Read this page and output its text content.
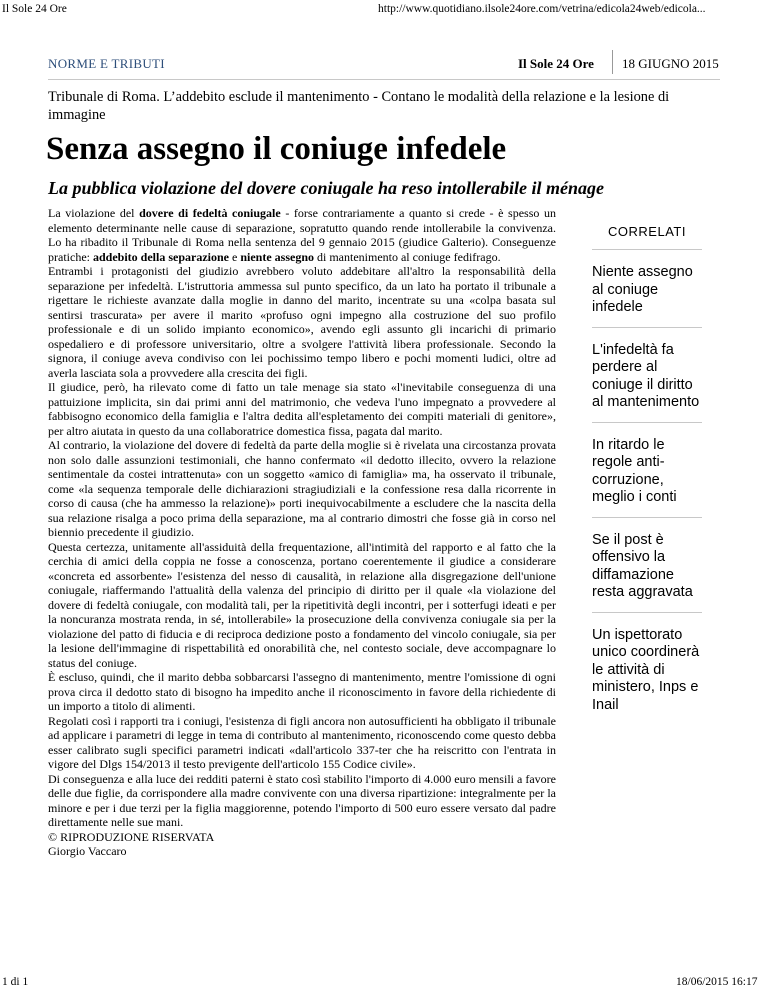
Il Sole 24 Ore	http://www.quotidiano.ilsole24ore.com/vetrina/edicola24web/edicola...
NORME E TRIBUTI	Il Sole 24 Ore 18 GIUGNO 2015
Tribunale di Roma. L’addebito esclude il mantenimento - Contano le modalità della relazione e la lesione di immagine
Senza assegno il coniuge infedele
La pubblica violazione del dovere coniugale ha reso intollerabile il ménage

La violazione del dovere di fedeltà coniugale - forse contrariamente a quanto si crede - è spesso un elemento determinante nelle cause di separazione, sopratutto quando rende intollerabile la convivenza. Lo ha ribadito il Tribunale di Roma nella sentenza del 9 gennaio 2015 (giudice Galterio). Conseguenze pratiche: addebito della separazione e niente assegno di mantenimento al coniuge fedifrago.

Entrambi i protagonisti del giudizio avrebbero voluto addebitare all'altro la responsabilità della separazione per infedeltà. L'istruttoria ammessa sul punto specifico, da un lato ha portato il tribunale a rigettare le richieste avanzate dalla moglie in danno del marito, incentrate su una «colpa basata sul sentirsi trascurata» per avere il marito «profuso ogni impegno alla costruzione del suo profilo professionale e di un solido impianto economico», avendo egli assunto gli incarichi di primario ospedaliero e di professore universitario, oltre a svolgere l'attività libera professionale. Secondo la signora, il coniuge aveva condiviso con lei pochissimo tempo libero e pochi momenti ludici, oltre ad averla lasciata sola a provvedere alla crescita dei figli.

Il giudice, però, ha rilevato come di fatto un tale menage sia stato «l'inevitabile conseguenza di una pattuizione implicita, sin dai primi anni del matrimonio, che vedeva l'uno impegnato a provvedere al fabbisogno economico della famiglia e l'altra dedita all'espletamento dei compiti materiali di genitore», per altro aiutata in questo da una collaboratrice domestica fissa, pagata dal marito.

Al contrario, la violazione del dovere di fedeltà da parte della moglie si è rivelata una circostanza provata non solo dalle assunzioni testimoniali, che hanno confermato «il dedotto illecito, ovvero la relazione sentimentale da costei intrattenuta» con un soggetto «amico di famiglia» ma, ha osservato il tribunale, come «la sequenza temporale delle dichiarazioni stragiudiziali e la confessione resa dalla ricorrente in corso di causa (che ha ammesso la relazione)» porti inequivocabilmente a escludere che la nascita della sua relazione risalga a poco prima della separazione, ma al contrario dimostri che fosse già in corso nel biennio precedente il giudizio.

Questa certezza, unitamente all'assiduità della frequentazione, all'intimità del rapporto e al fatto che la cerchia di amici della coppia ne fosse a conoscenza, portano coerentemente il giudice a considerare «concreta ed assorbente» l'esistenza del nesso di causalità, in relazione alla disgregazione dell'unione coniugale, riaffermando l'attualità della valenza del principio di diritto per il quale «la violazione del dovere di fedeltà coniugale, con modalità tali, per la ripetitività degli incontri, per i sotterfugi ideati e per la noncuranza mostrata renda, in sé, intollerabile» la prosecuzione della convivenza coniugale sia per la violazione del patto di fiducia e di reciproca dedizione posto a fondamento del vincolo coniugale, sia per la lesione dell'immagine di rispettabilità ed onorabilità che, nel contesto sociale, deve accompagnare lo status del coniuge.

È escluso, quindi, che il marito debba sobbarcarsi l'assegno di mantenimento, mentre l'omissione di ogni prova circa il dedotto stato di bisogno ha impedito anche il riconoscimento in favore della richiedente di un importo a titolo di alimenti.

Regolati così i rapporti tra i coniugi, l'esistenza di figli ancora non autosufficienti ha obbligato il tribunale ad applicare i parametri di legge in tema di contributo al mantenimento, riconoscendo come questo debba esser calibrato sugli specifici parametri indicati «dall'articolo 337-ter che ha reiscritto con l'entrata in vigore del Dlgs 154/2013 il testo previgente dell'articolo 155 Codice civile».

Di conseguenza e alla luce dei redditi paterni è stato così stabilito l'importo di 4.000 euro mensili a favore delle due figlie, da corrispondere alla madre convivente con una diversa ripartizione: integralmente per la minore e per i due terzi per la figlia maggiorenne, potendo l'importo di 500 euro essere versato dal padre direttamente nelle sue mani.

© RIPRODUZIONE RISERVATA

Giorgio Vaccaro

CORRELATI
Niente assegno al coniuge infedele
L'infedeltà fa perdere al coniuge il diritto al mantenimento
In ritardo le regole anti-corruzione, meglio i conti
Se il post è offensivo la diffamazione resta aggravata
Un ispettorato unico coordinerà le attività di ministero, Inps e Inail
1 di 1	18/06/2015 16:17
